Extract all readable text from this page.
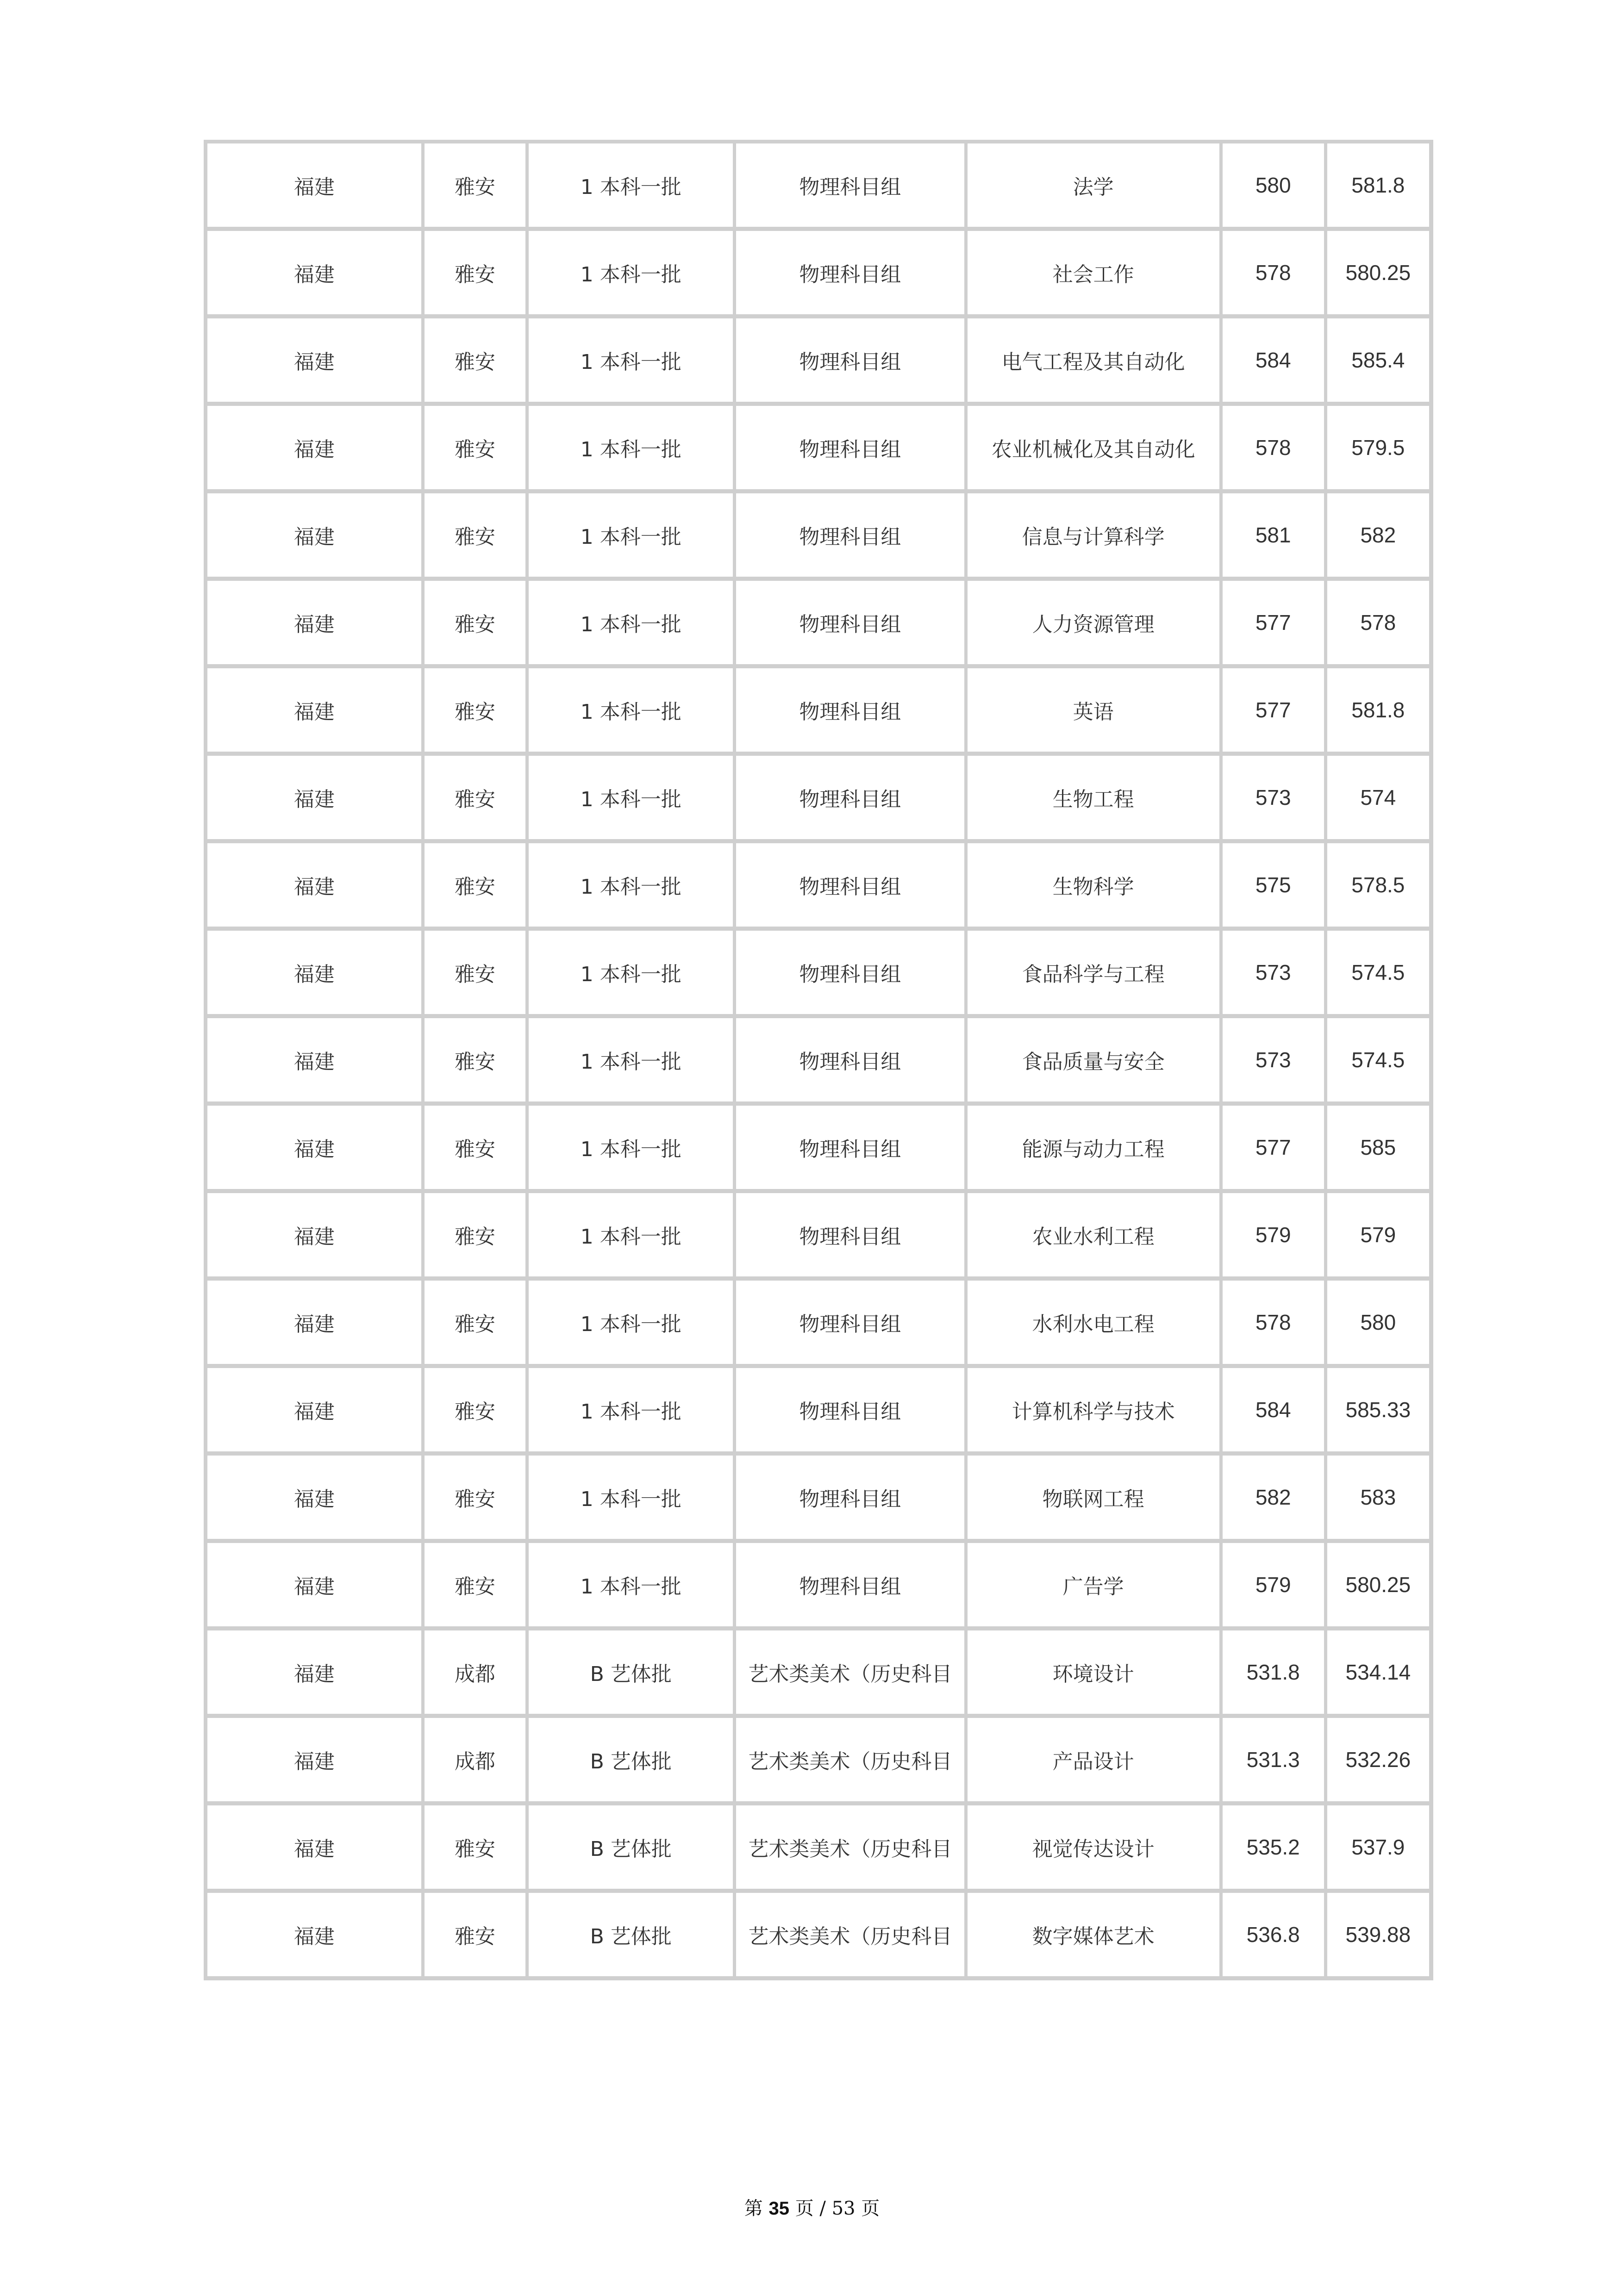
福建	雅安	1 本科一批	物理科目组	法学	580	581.8
福建	雅安	1 本科一批	物理科目组	社会工作	578	580.25
福建	雅安	1 本科一批	物理科目组	电气工程及其自动化	584	585.4
福建	雅安	1 本科一批	物理科目组	农业机械化及其自动化	578	579.5
福建	雅安	1 本科一批	物理科目组	信息与计算科学	581	582
福建	雅安	1 本科一批	物理科目组	人力资源管理	577	578
福建	雅安	1 本科一批	物理科目组	英语	577	581.8
福建	雅安	1 本科一批	物理科目组	生物工程	573	574
福建	雅安	1 本科一批	物理科目组	生物科学	575	578.5
福建	雅安	1 本科一批	物理科目组	食品科学与工程	573	574.5
福建	雅安	1 本科一批	物理科目组	食品质量与安全	573	574.5
福建	雅安	1 本科一批	物理科目组	能源与动力工程	577	585
福建	雅安	1 本科一批	物理科目组	农业水利工程	579	579
福建	雅安	1 本科一批	物理科目组	水利水电工程	578	580
福建	雅安	1 本科一批	物理科目组	计算机科学与技术	584	585.33
福建	雅安	1 本科一批	物理科目组	物联网工程	582	583
福建	雅安	1 本科一批	物理科目组	广告学	579	580.25
福建	成都	B 艺体批	艺术类美术（历史科目	环境设计	531.8	534.14
福建	成都	B 艺体批	艺术类美术（历史科目	产品设计	531.3	532.26
福建	雅安	B 艺体批	艺术类美术（历史科目	视觉传达设计	535.2	537.9
福建	雅安	B 艺体批	艺术类美术（历史科目	数字媒体艺术	536.8	539.88
第 35 页 / 53 页
